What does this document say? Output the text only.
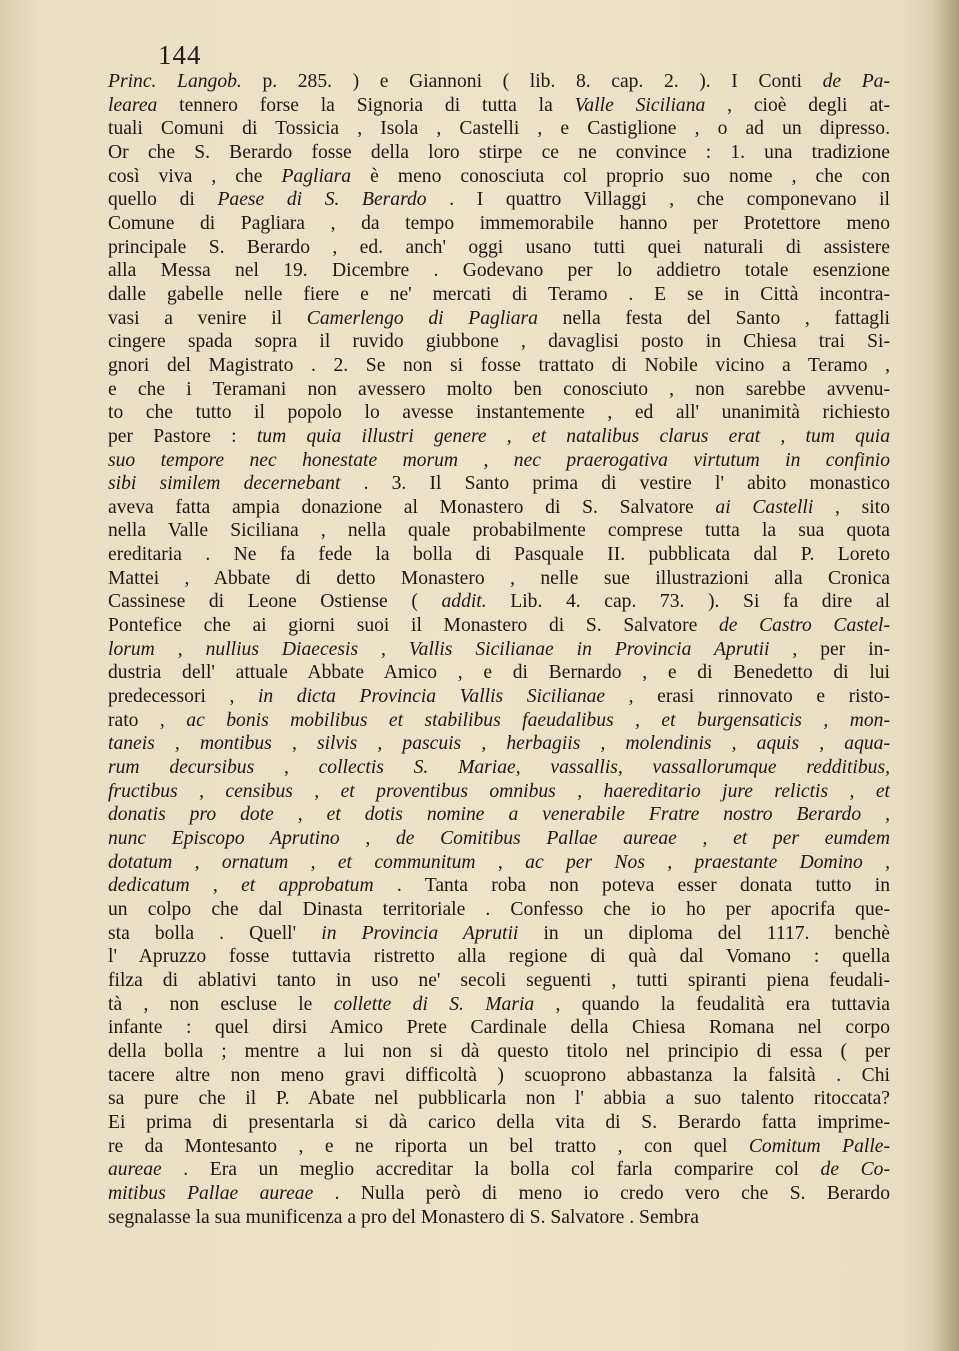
144
Princ. Langob. p. 285. ) e Giannoni ( lib. 8. cap. 2. ). I Conti de Pa-
learea tennero forse la Signoria di tutta la Valle Siciliana , cioè degli at-
tuali Comuni di Tossicia , Isola , Castelli , e Castiglione , o ad un dipresso.
Or che S. Berardo fosse della loro stirpe ce ne convince : 1. una tradizione
così viva , che Pagliara è meno conosciuta col proprio suo nome , che con
quello di Paese di S. Berardo . I quattro Villaggi , che componevano il
Comune di Pagliara , da tempo immemorabile hanno per Protettore meno
principale S. Berardo , ed. anch' oggi usano tutti quei naturali di assistere
alla Messa nel 19. Dicembre . Godevano per lo addietro totale esenzione
dalle gabelle nelle fiere e ne' mercati di Teramo . E se in Città incontra-
vasi a venire il Camerlengo di Pagliara nella festa del Santo , fattagli
cingere spada sopra il ruvido giubbone , davaglisi posto in Chiesa trai Si-
gnori del Magistrato . 2. Se non si fosse trattato di Nobile vicino a Teramo ,
e che i Teramani non avessero molto ben conosciuto , non sarebbe avvenu-
to che tutto il popolo lo avesse instantemente , ed all' unanimità richiesto
per Pastore : tum quia illustri genere , et natalibus clarus erat , tum quia
suo tempore nec honestate morum , nec praerogativa virtutum in confinio
sibi similem decernebant . 3. Il Santo prima di vestire l' abito monastico
aveva fatta ampia donazione al Monastero di S. Salvatore ai Castelli , sito
nella Valle Siciliana , nella quale probabilmente comprese tutta la sua quota
ereditaria . Ne fa fede la bolla di Pasquale II. pubblicata dal P. Loreto
Mattei , Abbate di detto Monastero , nelle sue illustrazioni alla Cronica
Cassinese di Leone Ostiense ( addit. Lib. 4. cap. 73. ). Si fa dire al
Pontefice che ai giorni suoi il Monastero di S. Salvatore de Castro Castel-
lorum , nullius Diaecesis , Vallis Sicilianae in Provincia Aprutii , per in-
dustria dell' attuale Abbate Amico , e di Bernardo , e di Benedetto di lui
predecessori , in dicta Provincia Vallis Sicilianae , erasi rinnovato e risto-
rato , ac bonis mobilibus et stabilibus faeudalibus , et burgensaticis , mon-
taneis , montibus , silvis , pascuis , herbagiis , molendinis , aquis , aqua-
rum decursibus , collectis S. Mariae, vassallis, vassallorumque redditibus,
fructibus , censibus , et proventibus omnibus , haereditario jure relictis , et
donatis pro dote , et dotis nomine a venerabile Fratre nostro Berardo ,
nunc Episcopo Aprutino , de Comitibus Pallae aureae , et per eumdem
dotatum , ornatum , et communitum , ac per Nos , praestante Domino ,
dedicatum , et approbatum . Tanta roba non poteva esser donata tutto in
un colpo che dal Dinasta territoriale . Confesso che io ho per apocrifa que-
sta bolla . Quell' in Provincia Aprutii in un diploma del 1117. benchè
l' Apruzzo fosse tuttavia ristretto alla regione di quà dal Vomano : quella
filza di ablativi tanto in uso ne' secoli seguenti , tutti spiranti piena feudali-
tà , non escluse le collette di S. Maria , quando la feudalità era tuttavia
infante : quel dirsi Amico Prete Cardinale della Chiesa Romana nel corpo
della bolla ; mentre a lui non si dà questo titolo nel principio di essa ( per
tacere altre non meno gravi difficoltà ) scuoprono abbastanza la falsità . Chi
sa pure che il P. Abate nel pubblicarla non l' abbia a suo talento ritoccata?
Ei prima di presentarla si dà carico della vita di S. Berardo fatta imprime-
re da Montesanto , e ne riporta un bel tratto , con quel Comitum Palle-
aureae . Era un meglio accreditar la bolla col farla comparire col de Co-
mitibus Pallae aureae . Nulla però di meno io credo vero che S. Berardo
segnalasse la sua munificenza a pro del Monastero di S. Salvatore . Sembra
